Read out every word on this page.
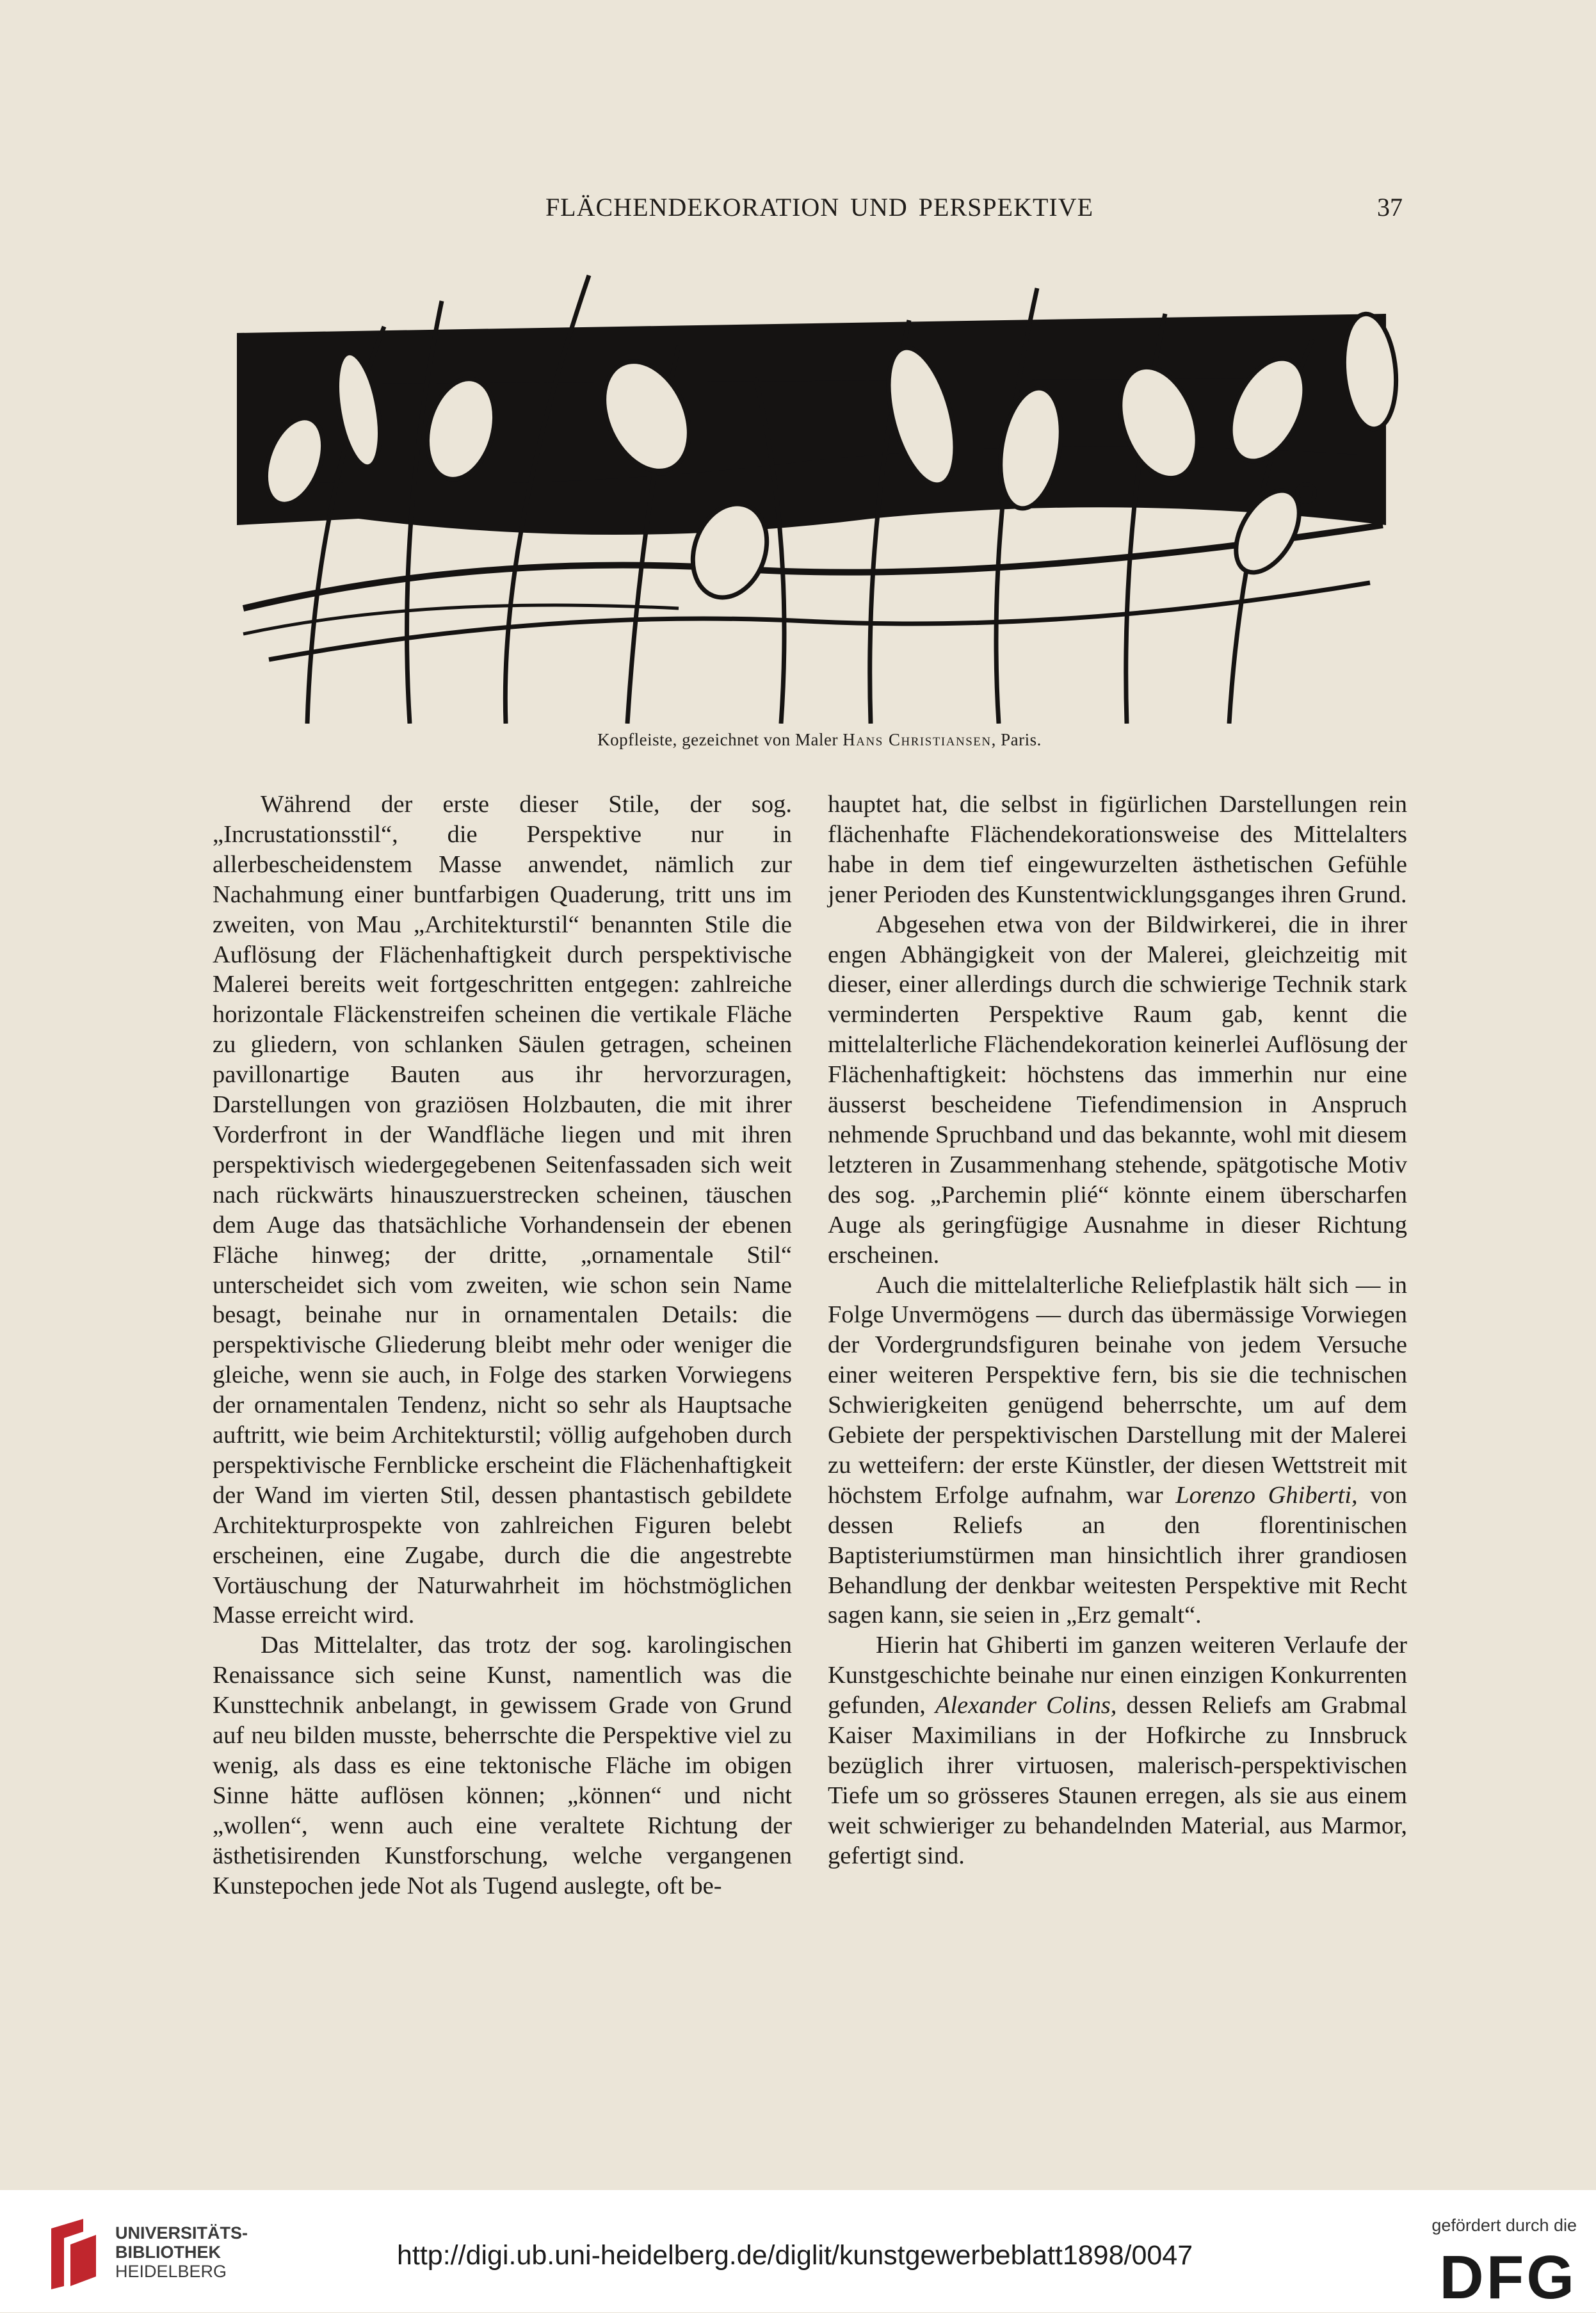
FLÄCHENDEKORATION UND PERSPEKTIVE	37
Kopfleiste, gezeichnet von Maler Hans Christiansen, Paris.

Während der erste dieser Stile, der sog. „Incrustationsstil“, die Perspektive nur in allerbescheidenstem Masse anwendet, nämlich zur Nachahmung einer buntfarbigen Quaderung, tritt uns im zweiten, von Mau „Architekturstil“ benannten Stile die Auflösung der Flächenhaftigkeit durch perspektivische Malerei bereits weit fortgeschritten entgegen: zahlreiche horizontale Fläckenstreifen scheinen die vertikale Fläche zu gliedern, von schlanken Säulen getragen, scheinen pavillonartige Bauten aus ihr hervorzuragen, Darstellungen von graziösen Holzbauten, die mit ihrer Vorderfront in der Wandfläche liegen und mit ihren perspektivisch wiedergegebenen Seitenfassaden sich weit nach rückwärts hinauszuerstrecken scheinen, täuschen dem Auge das thatsächliche Vorhandensein der ebenen Fläche hinweg; der dritte, „ornamentale Stil“ unterscheidet sich vom zweiten, wie schon sein Name besagt, beinahe nur in ornamentalen Details: die perspektivische Gliederung bleibt mehr oder weniger die gleiche, wenn sie auch, in Folge des starken Vorwiegens der ornamentalen Tendenz, nicht so sehr als Hauptsache auftritt, wie beim Architekturstil; völlig aufgehoben durch perspektivische Fernblicke erscheint die Flächenhaftigkeit der Wand im vierten Stil, dessen phantastisch gebildete Architekturprospekte von zahlreichen Figuren belebt erscheinen, eine Zugabe, durch die die angestrebte Vortäuschung der Naturwahrheit im höchstmöglichen Masse erreicht wird.

Das Mittelalter, das trotz der sog. karolingischen Renaissance sich seine Kunst, namentlich was die Kunsttechnik anbelangt, in gewissem Grade von Grund auf neu bilden musste, beherrschte die Perspektive viel zu wenig, als dass es eine tektonische Fläche im obigen Sinne hätte auflösen können; „können“ und nicht „wollen“, wenn auch eine veraltete Richtung der ästhetisirenden Kunstforschung, welche vergangenen Kunstepochen jede Not als Tugend auslegte, oft be-

hauptet hat, die selbst in figürlichen Darstellungen rein flächenhafte Flächendekorationsweise des Mittelalters habe in dem tief eingewurzelten ästhetischen Gefühle jener Perioden des Kunstentwicklungsganges ihren Grund.

Abgesehen etwa von der Bildwirkerei, die in ihrer engen Abhängigkeit von der Malerei, gleichzeitig mit dieser, einer allerdings durch die schwierige Technik stark verminderten Perspektive Raum gab, kennt die mittelalterliche Flächendekoration keinerlei Auflösung der Flächenhaftigkeit: höchstens das immerhin nur eine äusserst bescheidene Tiefendimension in Anspruch nehmende Spruchband und das bekannte, wohl mit diesem letzteren in Zusammenhang stehende, spätgotische Motiv des sog. „Parchemin plié“ könnte einem überscharfen Auge als geringfügige Ausnahme in dieser Richtung erscheinen.

Auch die mittelalterliche Reliefplastik hält sich — in Folge Unvermögens — durch das übermässige Vorwiegen der Vordergrundsfiguren beinahe von jedem Versuche einer weiteren Perspektive fern, bis sie die technischen Schwierigkeiten genügend beherrschte, um auf dem Gebiete der perspektivischen Darstellung mit der Malerei zu wetteifern: der erste Künstler, der diesen Wettstreit mit höchstem Erfolge aufnahm, war Lorenzo Ghiberti, von dessen Reliefs an den florentinischen Baptisteriumstürmen man hinsichtlich ihrer grandiosen Behandlung der denkbar weitesten Perspektive mit Recht sagen kann, sie seien in „Erz gemalt“.

Hierin hat Ghiberti im ganzen weiteren Verlaufe der Kunstgeschichte beinahe nur einen einzigen Konkurrenten gefunden, Alexander Colins, dessen Reliefs am Grabmal Kaiser Maximilians in der Hofkirche zu Innsbruck bezüglich ihrer virtuosen, malerisch-perspektivischen Tiefe um so grösseres Staunen erregen, als sie aus einem weit schwieriger zu behandelnden Material, aus Marmor, gefertigt sind.

UNIVERSITÄTS-
BIBLIOTHEK
HEIDELBERG
http://digi.ub.uni-heidelberg.de/diglit/kunstgewerbeblatt1898/0047
gefördert durch die
DFG
